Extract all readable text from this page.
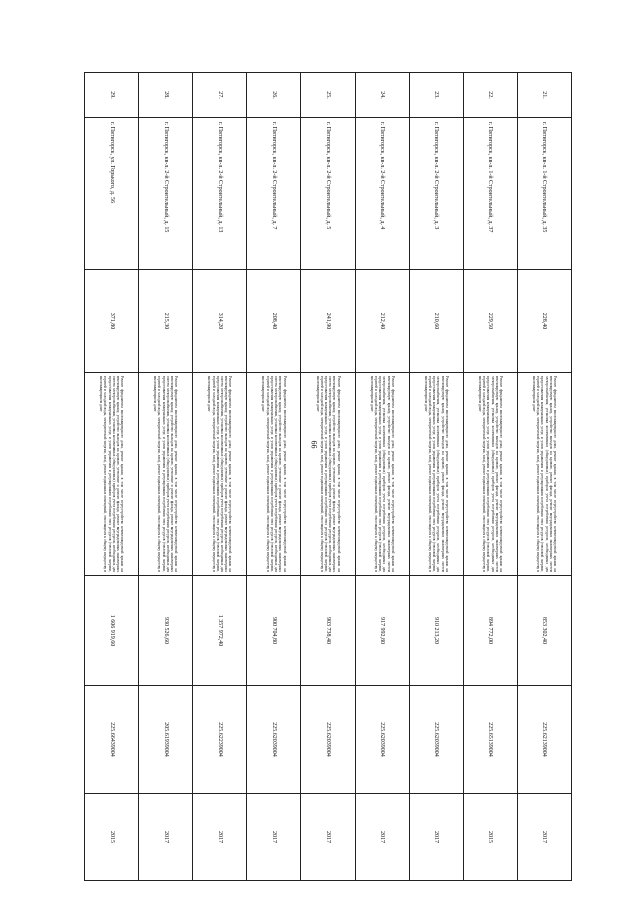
66
21.	г. Пятигорск, кв-л. 1-й Строительный, д. 35	228,40	Ремонт фундамента многоквартирного дома, ремонт крыши, в том числе переустройство невентилируемой крыши на вентилируемую крышу, устройство выходов на кровлю, ремонт фасада, ремонт внутридомовых инженерных систем электроснабжения, установка коллективных (общедомовых) приборов учета потребления ресурсов, необходимых для предоставления коммунальных услуг, и узлов управления и регулирования потребления этих ресурсов (тепловой энергии, горячей и холодной воды, электрической энергии, газа), ремонт подвальных помещений, относящихся к общему имуществу в многоквартирном доме	853 302,40	225.62139004	2017
22.	г. Пятигорск, кв-л. 1-й Строительный, д. 37	229,50	Ремонт фундамента многоквартирного дома, ремонт крыши, в том числе переустройство невентилируемой крыши на вентилируемую крышу, устройство выходов на кровлю, ремонт фасада, ремонт внутридомовых инженерных систем электроснабжения, установка коллективных (общедомовых) приборов учета потребления ресурсов, необходимых для предоставления коммунальных услуг, и узлов управления и регулирования потребления этих ресурсов (тепловой энергии, горячей и холодной воды, электрической энергии, газа), ремонт подвальных помещений, относящихся к общему имуществу в многоквартирном доме	894 772,00	225.65139004	2015
23.	г. Пятигорск, кв-л. 2-й Строительный, д. 3	210,60	Ремонт фундамента многоквартирного дома, ремонт крыши, в том числе переустройство невентилируемой крыши на вентилируемую крышу, устройство выходов на кровлю, ремонт фасада, ремонт внутридомовых инженерных систем электроснабжения, установка коллективных (общедомовых) приборов учета потребления ресурсов, необходимых для предоставления коммунальных услуг, и узлов управления и регулирования потребления этих ресурсов (тепловой энергии, горячей и холодной воды, электрической энергии, газа), ремонт подвальных помещений, относящихся к общему имуществу в многоквартирном доме	910 213,20	225.62039004	2017
24.	г. Пятигорск, кв-л. 2-й Строительный, д. 4	212,40	Ремонт фундамента многоквартирного дома, ремонт крыши, в том числе переустройство невентилируемой крыши на вентилируемую крышу, устройство выходов на кровлю, ремонт фасада, ремонт внутридомовых инженерных систем электроснабжения, установка коллективных (общедомовых) приборов учета потребления ресурсов, необходимых для предоставления коммунальных услуг, и узлов управления и регулирования потребления этих ресурсов (тепловой энергии, горячей и холодной воды, электрической энергии, газа), ремонт подвальных помещений, относящихся к общему имуществу в многоквартирном доме	917 992,80	225.62039004	2017
25.	г. Пятигорск, кв-л. 2-й Строительный, д. 5	241,90	Ремонт фундамента многоквартирного дома, ремонт крыши, в том числе переустройство невентилируемой крыши на вентилируемую крышу, устройство выходов на кровлю, утепление и ремонт фасада, ремонт внутридомовых инженерных систем электроснабжения, установка коллективных (общедомовых) приборов учета потребления ресурсов, необходимых для предоставления коммунальных услуг, и узлов управления и регулирования потребления этих ресурсов (тепловой энергии, горячей и холодной воды, электрической энергии, газа), ремонт подвальных помещений, относящихся к общему имуществу в многоквартирном доме	903 738,40	225.62039004	2017
26.	г. Пятигорск, кв-л. 2-й Строительный, д. 7	208,40	Ремонт фундамента многоквартирного дома, ремонт крыши, в том числе переустройство невентилируемой крыши на вентилируемую крышу, устройство выходов на кровлю, утепление и ремонт фасада, ремонт внутридомовых инженерных систем электроснабжения, установка коллективных (общедомовых) приборов учета потребления ресурсов, необходимых для предоставления коммунальных услуг, и узлов управления и регулирования потребления этих ресурсов (тепловой энергии, горячей и холодной воды, электрической энергии, газа), ремонт подвальных помещений, относящихся к общему имуществу в многоквартирном доме	900 704,80	225.62039004	2017
27.	г. Пятигорск, кв-л. 2-й Строительный, д. 13	314,20	Ремонт фундамента многоквартирного дома, ремонт крыши, в том числе переустройство невентилируемой крыши на вентилируемую крышу, устройство выходов на кровлю, утепление и ремонт фасада, ремонт внутридомовых инженерных систем электроснабжения, установка коллективных (общедомовых) приборов учета потребления ресурсов, необходимых для предоставления коммунальных услуг, и узлов управления и регулирования потребления этих ресурсов (тепловой энергии, горячей и холодной воды, электрической энергии, газа), ремонт подвальных помещений, относящихся к общему имуществу в многоквартирном доме	1 357 972,40	225.62239004	2017
28.	г. Пятигорск, кв-л. 2-й Строительный, д. 15	215,30	Ремонт фундамента многоквартирного дома, ремонт крыши, в том числе переустройство невентилируемой крыши на вентилируемую крышу, устройство выходов на кровлю, утепление и ремонт фасада, ремонт внутридомовых инженерных систем электроснабжения, установка коллективных (общедомовых) приборов учета потребления ресурсов, необходимых для предоставления коммунальных услуг, и узлов управления и регулирования потребления этих ресурсов (тепловой энергии, горячей и холодной воды, электрической энергии, газа), ремонт подвальных помещений, относящихся к общему имуществу в многоквартирном доме	930 526,60	205.61939004	2017
29.	г. Пятигорск, ул. Горького, д. 56	371,80	Ремонт фундамента многоквартирного дома, ремонт крыши, в том числе переустройство невентилируемой крыши на вентилируемую крышу, устройство выходов на кровлю, утепление и ремонт фасада, ремонт внутридомовых инженерных систем электроснабжения, установка коллективных (общедомовых) приборов учета потребления ресурсов, необходимых для предоставления коммунальных услуг, и узлов управления и регулирования потребления этих ресурсов (тепловой энергии, горячей и холодной воды, электрической энергии, газа), ремонт подвальных помещений, относящихся к общему имуществу в многоквартирном доме	1 606 919,60	225.66439004	2015
